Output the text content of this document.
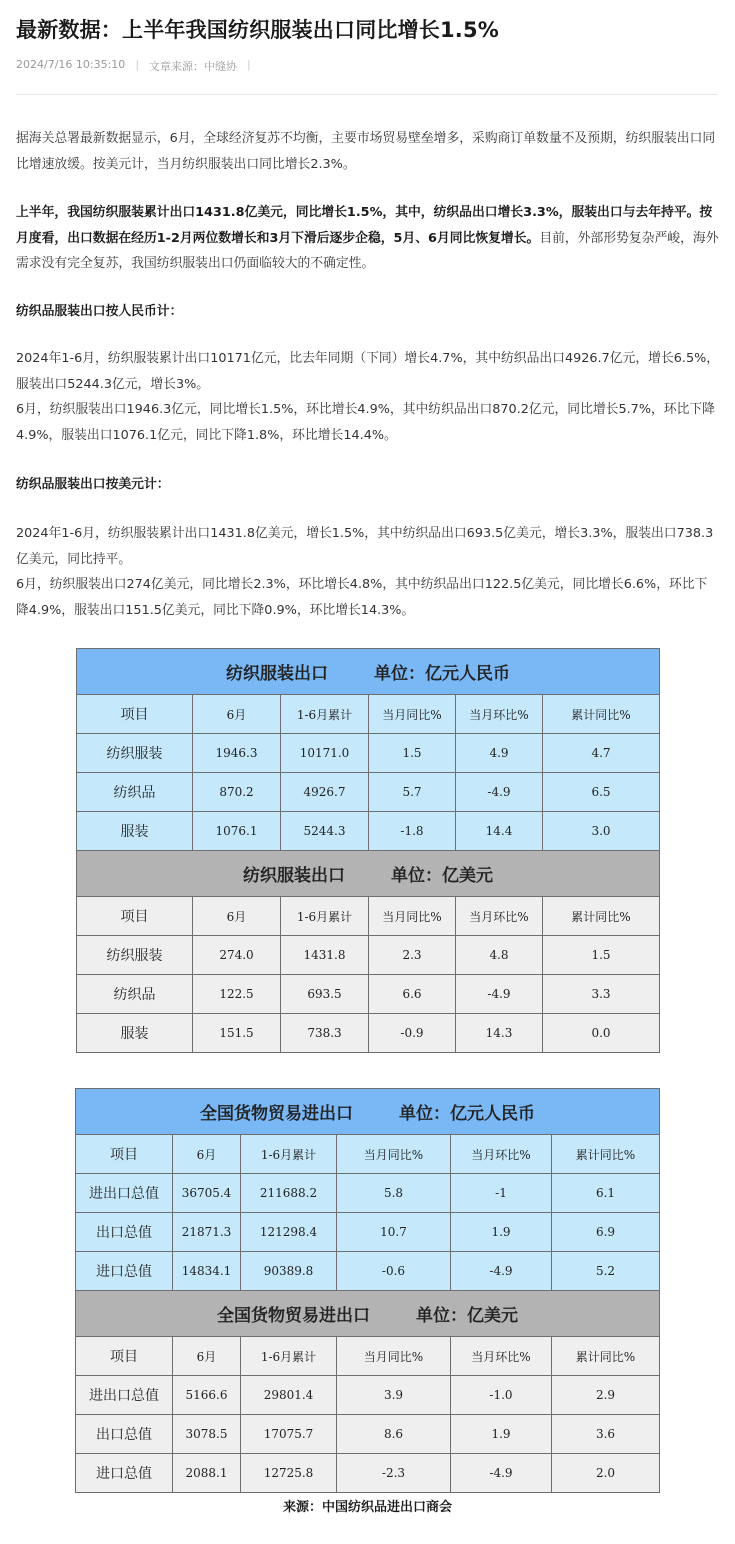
最新数据：上半年我国纺织服装出口同比增长1.5%
2024/7/16 10:35:10 | 文章来源：中缝协 |

据海关总署最新数据显示，6月，全球经济复苏不均衡，主要市场贸易壁垒增多，采购商订单数量不及预期，纺织服装出口同比增速放缓。按美元计，当月纺织服装出口同比增长2.3%。

上半年，我国纺织服装累计出口1431.8亿美元，同比增长1.5%，其中，纺织品出口增长3.3%，服装出口与去年持平。按月度看，出口数据在经历1-2月两位数增长和3月下滑后逐步企稳，5月、6月同比恢复增长。目前，外部形势复杂严峻，海外需求没有完全复苏，我国纺织服装出口仍面临较大的不确定性。

纺织品服装出口按人民币计：

2024年1-6月，纺织服装累计出口10171亿元，比去年同期（下同）增长4.7%，其中纺织品出口4926.7亿元，增长6.5%，服装出口5244.3亿元，增长3%。

6月，纺织服装出口1946.3亿元，同比增长1.5%，环比增长4.9%，其中纺织品出口870.2亿元，同比增长5.7%，环比下降4.9%，服装出口1076.1亿元，同比下降1.8%，环比增长14.4%。

纺织品服装出口按美元计：

2024年1-6月，纺织服装累计出口1431.8亿美元，增长1.5%，其中纺织品出口693.5亿美元，增长3.3%，服装出口738.3亿美元，同比持平。

6月，纺织服装出口274亿美元，同比增长2.3%，环比增长4.8%，其中纺织品出口122.5亿美元，同比增长6.6%，环比下降4.9%，服装出口151.5亿美元，同比下降0.9%，环比增长14.3%。

纺织服装出口 单位：亿元人民币					
项目	6月	1-6月累计	当月同比%	当月环比%	累计同比%
纺织服装	1946.3	10171.0	1.5	4.9	4.7
纺织品	870.2	4926.7	5.7	-4.9	6.5
服装	1076.1	5244.3	-1.8	14.4	3.0
纺织服装出口 单位：亿美元					
项目	6月	1-6月累计	当月同比%	当月环比%	累计同比%
纺织服装	274.0	1431.8	2.3	4.8	1.5
纺织品	122.5	693.5	6.6	-4.9	3.3
服装	151.5	738.3	-0.9	14.3	0.0
全国货物贸易进出口 单位：亿元人民币					
项目	6月	1-6月累计	当月同比%	当月环比%	累计同比%
进出口总值	36705.4	211688.2	5.8	-1	6.1
出口总值	21871.3	121298.4	10.7	1.9	6.9
进口总值	14834.1	90389.8	-0.6	-4.9	5.2
全国货物贸易进出口 单位：亿美元					
项目	6月	1-6月累计	当月同比%	当月环比%	累计同比%
进出口总值	5166.6	29801.4	3.9	-1.0	2.9
出口总值	3078.5	17075.7	8.6	1.9	3.6
进口总值	2088.1	12725.8	-2.3	-4.9	2.0
来源：中国纺织品进出口商会
